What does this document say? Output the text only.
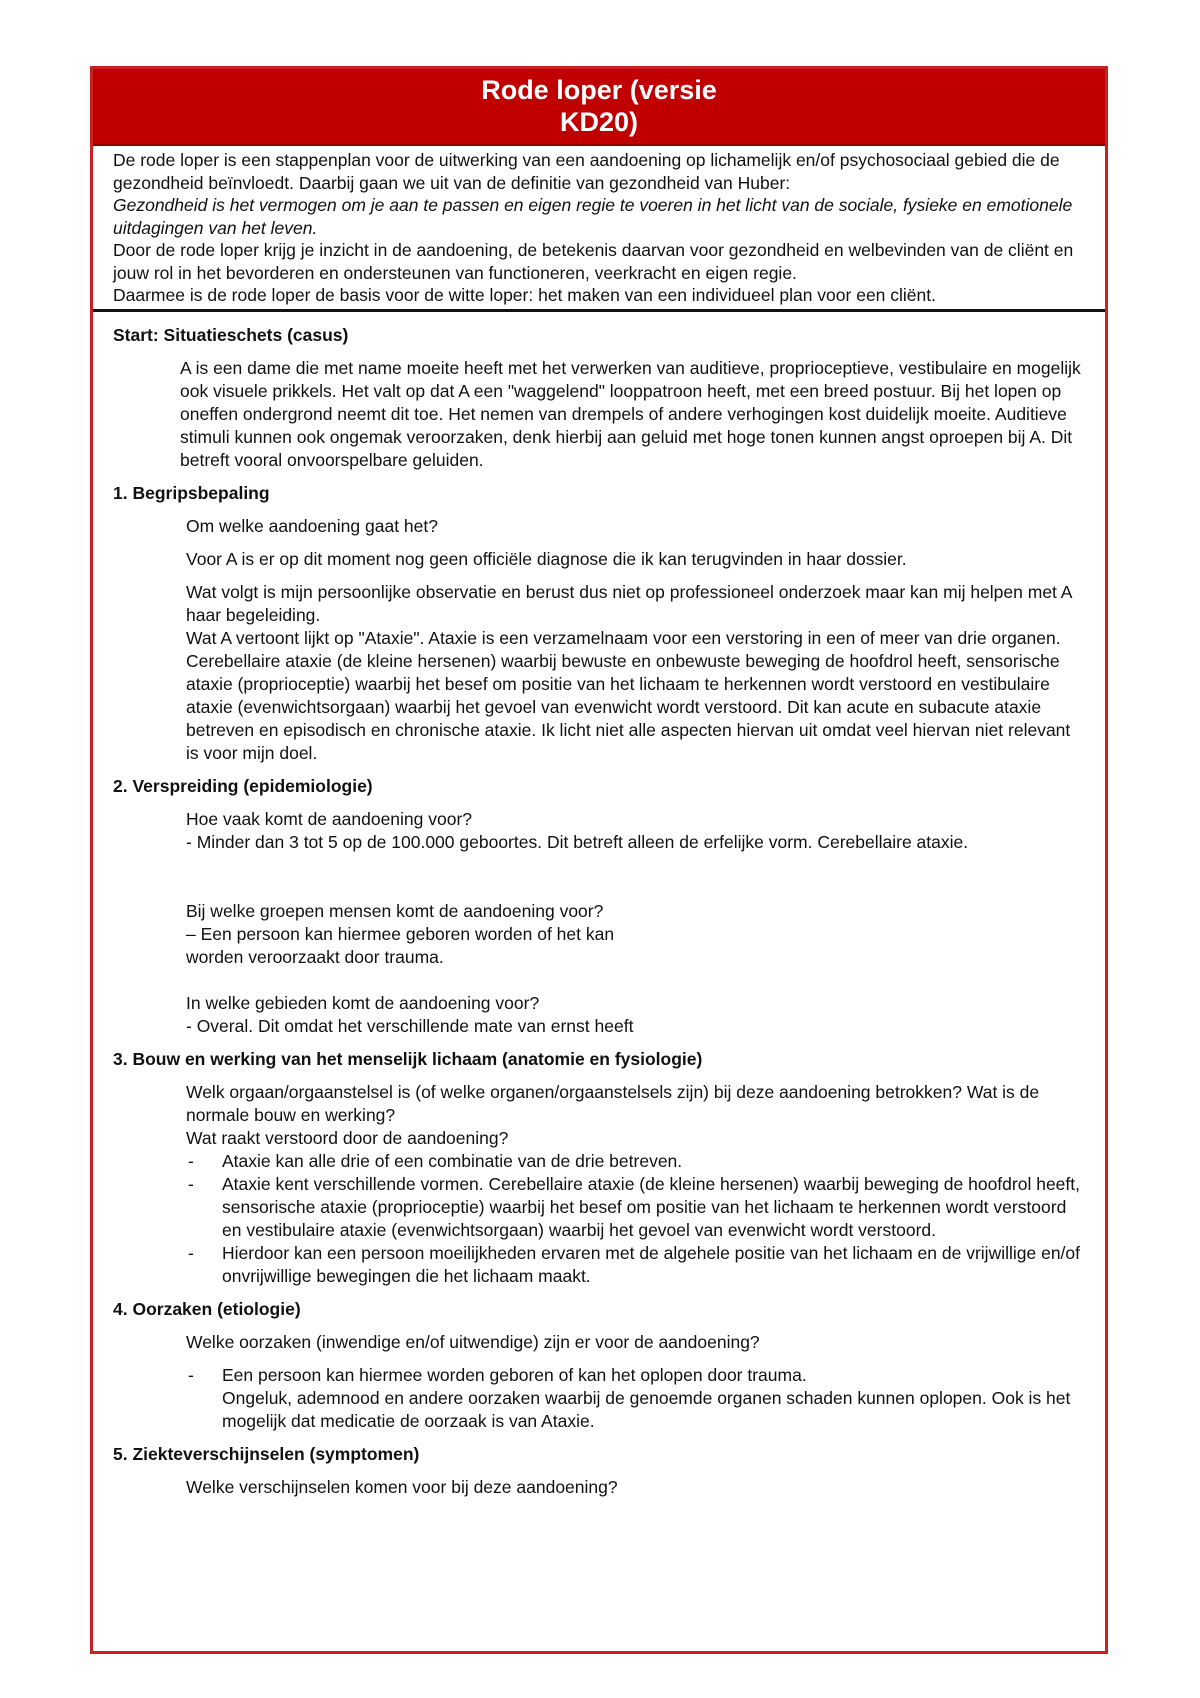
Rode loper (versie
KD20)

De rode loper is een stappenplan voor de uitwerking van een aandoening op lichamelijk en/of psychosociaal gebied die de gezondheid beïnvloedt. Daarbij gaan we uit van de definitie van gezondheid van Huber:

Gezondheid is het vermogen om je aan te passen en eigen regie te voeren in het licht van de sociale, fysieke en emotionele uitdagingen van het leven.

Door de rode loper krijg je inzicht in de aandoening, de betekenis daarvan voor gezondheid en welbevinden van de cliënt en jouw rol in het bevorderen en ondersteunen van functioneren, veerkracht en eigen regie.

Daarmee is de rode loper de basis voor de witte loper: het maken van een individueel plan voor een cliënt.

Start: Situatieschets (casus)

A is een dame die met name moeite heeft met het verwerken van auditieve, proprioceptieve, vestibulaire en mogelijk ook visuele prikkels. Het valt op dat A een "waggelend" looppatroon heeft, met een breed postuur. Bij het lopen op oneffen ondergrond neemt dit toe. Het nemen van drempels of andere verhogingen kost duidelijk moeite. Auditieve stimuli kunnen ook ongemak veroorzaken, denk hierbij aan geluid met hoge tonen kunnen angst oproepen bij A. Dit betreft vooral onvoorspelbare geluiden.

1. Begripsbepaling

Om welke aandoening gaat het?

Voor A is er op dit moment nog geen officiële diagnose die ik kan terugvinden in haar dossier.

Wat volgt is mijn persoonlijke observatie en berust dus niet op professioneel onderzoek maar kan mij helpen met A haar begeleiding.

Wat A vertoont lijkt op "Ataxie". Ataxie is een verzamelnaam voor een verstoring in een of meer van drie organen. Cerebellaire ataxie (de kleine hersenen) waarbij bewuste en onbewuste beweging de hoofdrol heeft, sensorische ataxie (proprioceptie) waarbij het besef om positie van het lichaam te herkennen wordt verstoord en vestibulaire ataxie (evenwichtsorgaan) waarbij het gevoel van evenwicht wordt verstoord. Dit kan acute en subacute ataxie betreven en episodisch en chronische ataxie. Ik licht niet alle aspecten hiervan uit omdat veel hiervan niet relevant is voor mijn doel.

2. Verspreiding (epidemiologie)

Hoe vaak komt de aandoening voor?

- Minder dan 3 tot 5 op de 100.000 geboortes. Dit betreft alleen de erfelijke vorm. Cerebellaire ataxie.

Bij welke groepen mensen komt de aandoening voor?

– Een persoon kan hiermee geboren worden of het kan worden veroorzaakt door trauma.

In welke gebieden komt de aandoening voor?

- Overal. Dit omdat het verschillende mate van ernst heeft

3. Bouw en werking van het menselijk lichaam (anatomie en fysiologie)

Welk orgaan/orgaanstelsel is (of welke organen/orgaanstelsels zijn) bij deze aandoening betrokken? Wat is de normale bouw en werking?

Wat raakt verstoord door de aandoening?

- Ataxie kan alle drie of een combinatie van de drie betreven.
- Ataxie kent verschillende vormen. Cerebellaire ataxie (de kleine hersenen) waarbij beweging de hoofdrol heeft, sensorische ataxie (proprioceptie) waarbij het besef om positie van het lichaam te herkennen wordt verstoord en vestibulaire ataxie (evenwichtsorgaan) waarbij het gevoel van evenwicht wordt verstoord.
- Hierdoor kan een persoon moeilijkheden ervaren met de algehele positie van het lichaam en de vrijwillige en/of onvrijwillige bewegingen die het lichaam maakt.
4. Oorzaken (etiologie)

Welke oorzaken (inwendige en/of uitwendige) zijn er voor de aandoening?

- Een persoon kan hiermee worden geboren of kan het oplopen door trauma.
Ongeluk, ademnood en andere oorzaken waarbij de genoemde organen schaden kunnen oplopen. Ook is het mogelijk dat medicatie de oorzaak is van Ataxie.
5. Ziekteverschijnselen (symptomen)

Welke verschijnselen komen voor bij deze aandoening?
